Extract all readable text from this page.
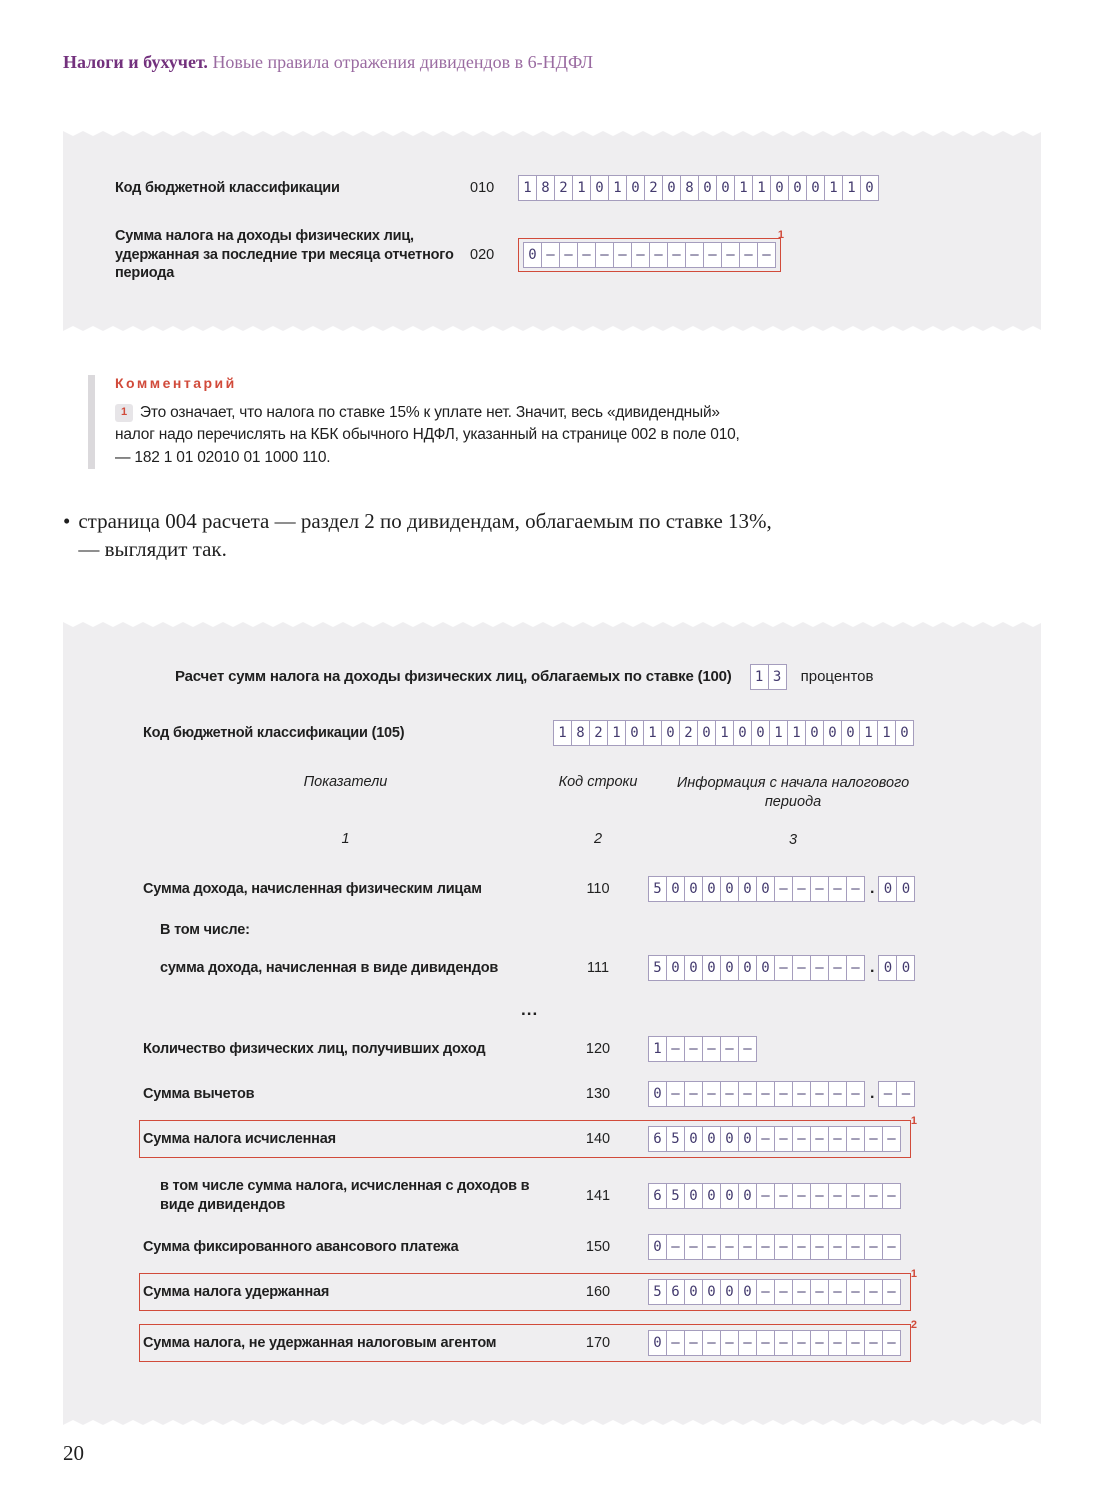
Налоги и бухучет. Новые правила отражения дивидендов в 6-НДФЛ
Код бюджетной классификации	010	1 8 2 1 0 1 0 2 0 8 0 0 1 1 0 0 0 1 1 0
Сумма налога на доходы физических лиц, удержанная за последние три месяца отчетного периода
020	0 – – – – – – – – – – – – –
1
Комментарий
1 Это означает, что налога по ставке 15% к уплате нет. Значит, весь «дивидендный» налог надо перечислять на КБК обычного НДФЛ, указанный на странице 002 в поле 010, — 182 1 01 02010 01 1000 110.
• страница 004 расчета — раздел 2 по дивидендам, облагаемым по ставке 13%, — выглядит так.
Расчет сумм налога на доходы физических лиц, облагаемых по ставке (100)	1 3	процентов
Код бюджетной классификации (105)	1 8 2 1 0 1 0 2 0 1 0 0 1 1 0 0 0 1 1 0
Показатели	Код строки	Информация с начала налогового периода
1	2	3
Сумма дохода, начисленная физическим лицам	110	5 0 0 0 0 0 0 – – – – – . 0 0
В том числе:
сумма дохода, начисленная в виде дивидендов	111	5 0 0 0 0 0 0 – – – – – . 0 0
...
Количество физических лиц, получивших доход	120	1 – – – – –
Сумма вычетов	130	0 – – – – – – – – – – – . – –
Сумма налога исчисленная	140	6 5 0 0 0 0 – – – – – – – –
1
в том числе сумма налога, исчисленная с доходов в виде дивидендов
141	6 5 0 0 0 0 – – – – – – – –
Сумма фиксированного авансового платежа	150	0 – – – – – – – – – – – – –
Сумма налога удержанная	160	5 6 0 0 0 0 – – – – – – – –
1
Сумма налога, не удержанная налоговым агентом	170	0 – – – – – – – – – – – – –
2
20
